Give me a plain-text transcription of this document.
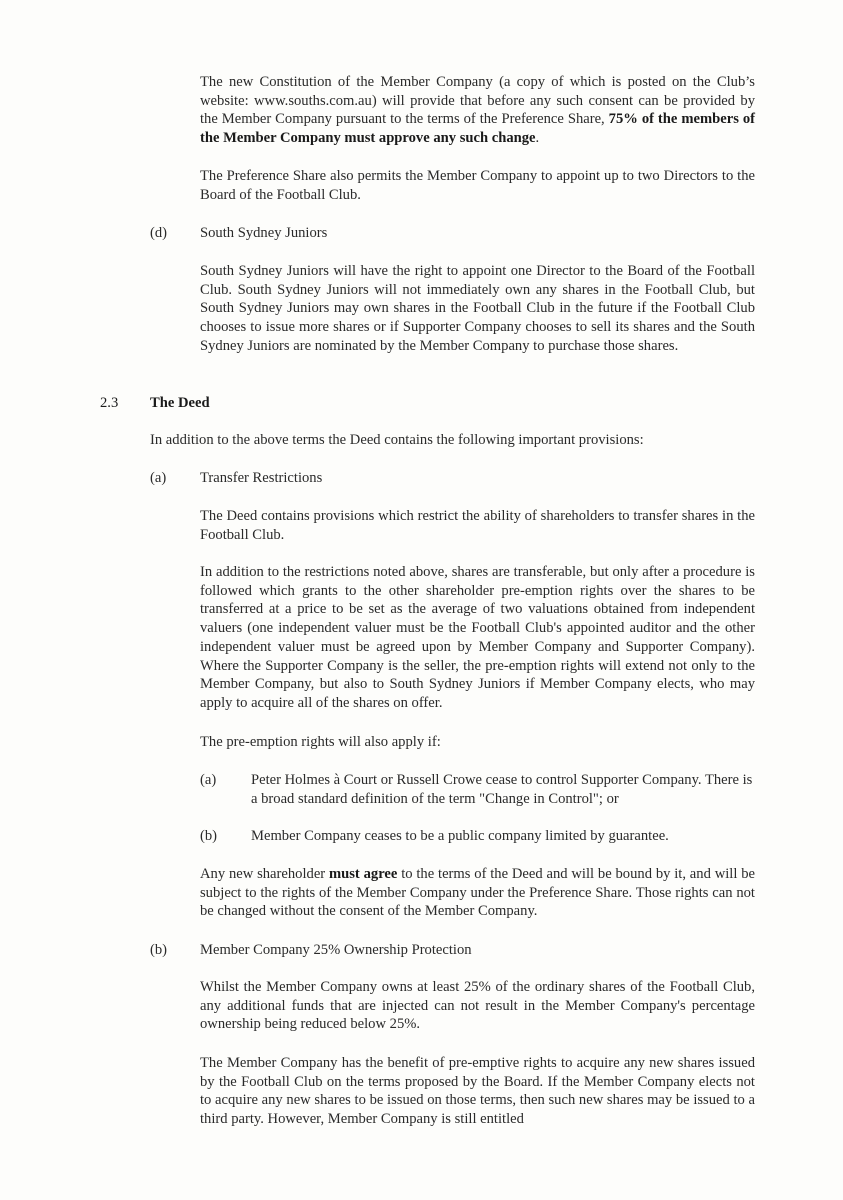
The new Constitution of the Member Company (a copy of which is posted on the Club’s website: www.souths.com.au) will provide that before any such consent can be provided by the Member Company pursuant to the terms of the Preference Share, 75% of the members of the Member Company must approve any such change.

The Preference Share also permits the Member Company to appoint up to two Directors to the Board of the Football Club.

(d) South Sydney Juniors

South Sydney Juniors will have the right to appoint one Director to the Board of the Football Club. South Sydney Juniors will not immediately own any shares in the Football Club, but South Sydney Juniors may own shares in the Football Club in the future if the Football Club chooses to issue more shares or if Supporter Company chooses to sell its shares and the South Sydney Juniors are nominated by the Member Company to purchase those shares.

2.3 The Deed

In addition to the above terms the Deed contains the following important provisions:

(a) Transfer Restrictions

The Deed contains provisions which restrict the ability of shareholders to transfer shares in the Football Club.

In addition to the restrictions noted above, shares are transferable, but only after a procedure is followed which grants to the other shareholder pre-emption rights over the shares to be transferred at a price to be set as the average of two valuations obtained from independent valuers (one independent valuer must be the Football Club's appointed auditor and the other independent valuer must be agreed upon by Member Company and Supporter Company). Where the Supporter Company is the seller, the pre-emption rights will extend not only to the Member Company, but also to South Sydney Juniors if Member Company elects, who may apply to acquire all of the shares on offer.

The pre-emption rights will also apply if:

(a) Peter Holmes à Court or Russell Crowe cease to control Supporter Company. There is a broad standard definition of the term "Change in Control"; or

(b) Member Company ceases to be a public company limited by guarantee.

Any new shareholder must agree to the terms of the Deed and will be bound by it, and will be subject to the rights of the Member Company under the Preference Share. Those rights can not be changed without the consent of the Member Company.

(b) Member Company 25% Ownership Protection

Whilst the Member Company owns at least 25% of the ordinary shares of the Football Club, any additional funds that are injected can not result in the Member Company's percentage ownership being reduced below 25%.

The Member Company has the benefit of pre-emptive rights to acquire any new shares issued by the Football Club on the terms proposed by the Board. If the Member Company elects not to acquire any new shares to be issued on those terms, then such new shares may be issued to a third party. However, Member Company is still entitled
